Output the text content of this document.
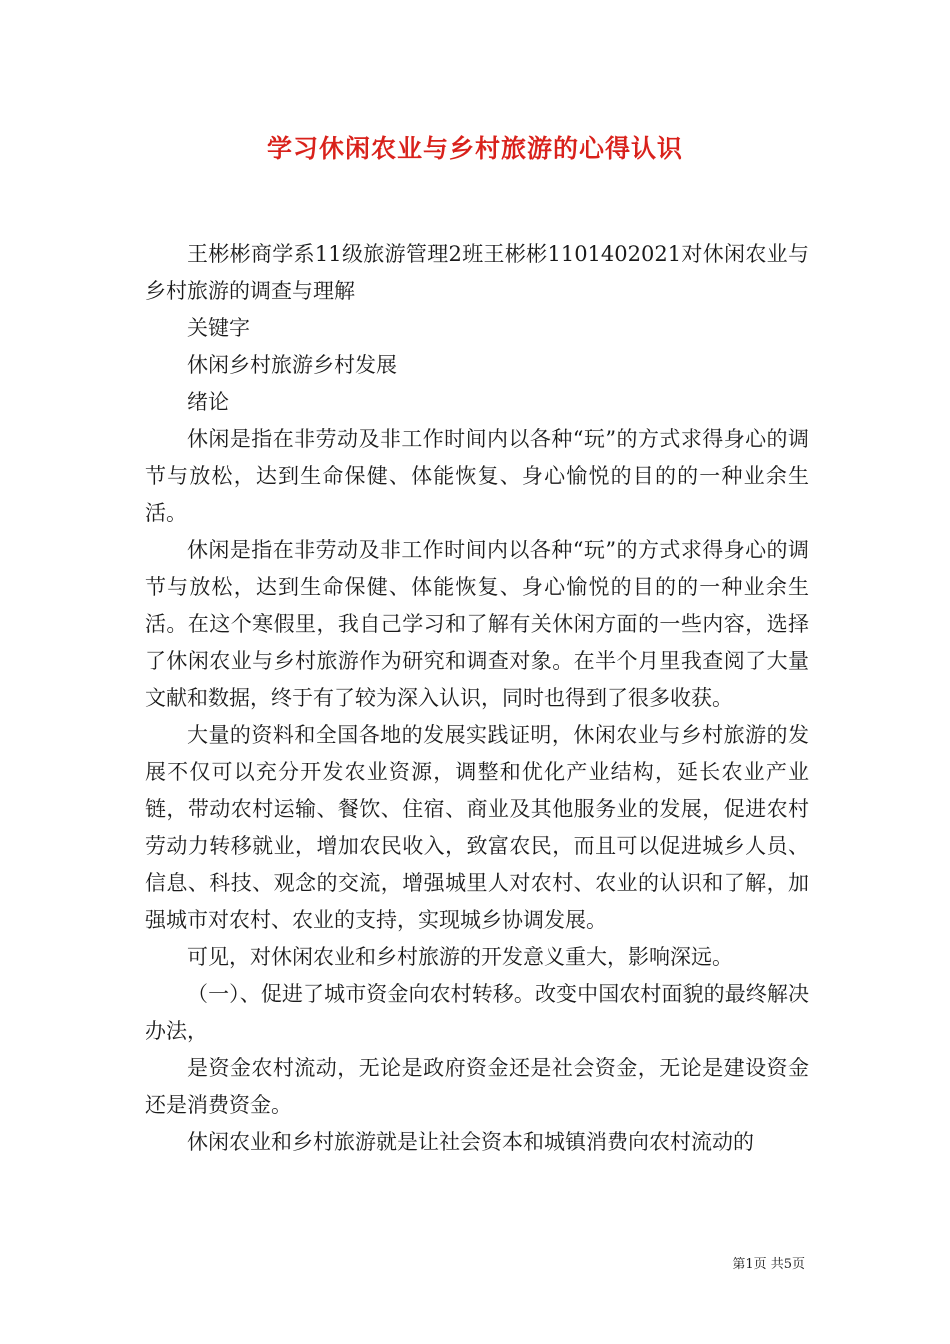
学习休闲农业与乡村旅游的心得认识

王彬彬商学系11级旅游管理2班王彬彬1101402021对休闲农业与乡村旅游的调查与理解

关键字

休闲乡村旅游乡村发展

绪论

休闲是指在非劳动及非工作时间内以各种“玩”的方式求得身心的调节与放松，达到生命保健、体能恢复、身心愉悦的目的的一种业余生活。

休闲是指在非劳动及非工作时间内以各种“玩”的方式求得身心的调节与放松，达到生命保健、体能恢复、身心愉悦的目的的一种业余生活。在这个寒假里，我自己学习和了解有关休闲方面的一些内容，选择了休闲农业与乡村旅游作为研究和调查对象。在半个月里我查阅了大量文献和数据，终于有了较为深入认识，同时也得到了很多收获。

大量的资料和全国各地的发展实践证明，休闲农业与乡村旅游的发展不仅可以充分开发农业资源，调整和优化产业结构，延长农业产业链，带动农村运输、餐饮、住宿、商业及其他服务业的发展，促进农村劳动力转移就业，增加农民收入，致富农民，而且可以促进城乡人员、信息、科技、观念的交流，增强城里人对农村、农业的认识和了解，加强城市对农村、农业的支持，实现城乡协调发展。

可见，对休闲农业和乡村旅游的开发意义重大，影响深远。

（一）、促进了城市资金向农村转移。改变中国农村面貌的最终解决办法，

是资金农村流动，无论是政府资金还是社会资金，无论是建设资金还是消费资金。

休闲农业和乡村旅游就是让社会资本和城镇消费向农村流动的

第1页 共5页
